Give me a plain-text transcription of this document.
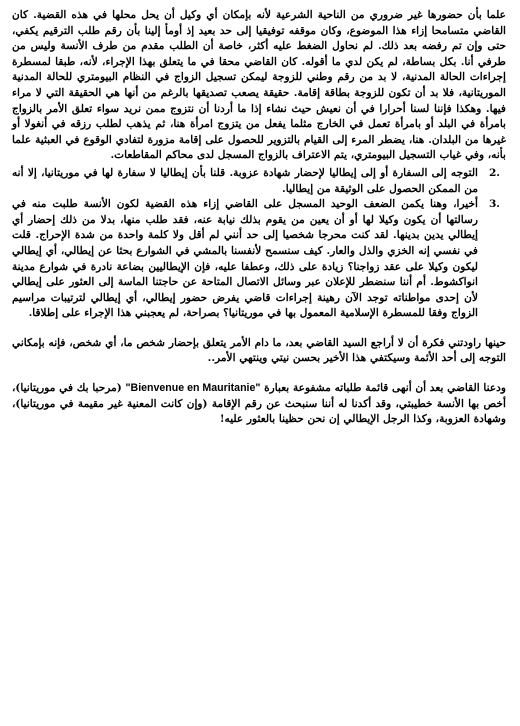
علما بأن حضورها غير ضروري من الناحية الشرعية لأنه بإمكان أي وكيل أن يحل محلها في هذه القضية. كان القاضي متسامحا إزاء هذا الموضوع، وكان موقفه توفيقيا إلى حد بعيد إذ أومأ إلينا بأن رقم طلب الترقيم يكفي، حتى وإن تم رفضه بعد ذلك. لم نحاول الضغط عليه أكثر، خاصة أن الطلب مقدم من طرف الأنسة وليس من طرفي أنا. بكل بساطة، لم يكن لدي ما أقوله. كان القاضي محقا في ما يتعلق بهذا الإجراء، لأنه، طبقا لمسطرة إجراءات الحالة المدنية، لا بد من رقم وطني للزوجة ليمكن تسجيل الزواج في النظام البيومتري للحالة المدنية الموريتانية، فلا بد أن تكون للزوجة بطاقة إقامة. حقيقة يصعب تصديقها بالرغم من أنها هي الحقيقة التي لا مراء فيها. وهكذا فإننا لسنا أحرارا في أن نعيش حيث نشاء إذا ما أردنا أن نتزوج ممن نريد سواء تعلق الأمر بالزواج بامرأة في البلد أو بامرأة تعمل في الخارج مثلما يفعل من يتزوج امرأة هنا، ثم يذهب لطلب رزقه في أنغولا أو غيرها من البلدان. هنا، يضطر المرء إلى القيام بالتزوير للحصول على إقامة مزورة لتفادي الوقوع في العبثية علما بأنه، وفي غياب التسجيل البيومتري، يتم الاعتراف بالزواج المسجل لدى محاكم المقاطعات.

2.
التوجه إلى السفارة أو إلى إيطاليا لإحضار شهادة عزوبة. قلنا بأن إيطاليا لا سفارة لها في موريتانيا، إلا أنه من الممكن الحصول على الوثيقة من إيطاليا.
3.
أخيرا، وهنا يكمن الضعف الوحيد المسجل على القاضي إزاء هذه القضية لكون الأنسة طلبت منه في رسالتها أن يكون وكيلا لها أو أن يعين من يقوم بذلك نيابة عنه، فقد طلب منها، بدلا من ذلك إحضار أي إيطالي يدين بدينها. لقد كنت محرجا شخصيا إلى حد أنني لم أقل ولا كلمة واحدة من شدة الإحراج. قلت في نفسي إنه الخزي والذل والعار. كيف سنسمح لأنفسنا بالمشي في الشوارع بحثا عن إيطالي، أي إيطالي ليكون وكيلا على عقد زواجنا؟ زيادة على ذلك، وعطفا عليه، فإن الإيطاليين بضاعة نادرة في شوارع مدينة انواكشوط. أم أننا سنضطر للإعلان عبر وسائل الاتصال المتاحة عن حاجتنا الماسة إلى العثور على إيطالي لأن إحدى مواطناته توجد الآن رهينة إجراءات قاضي يفرض حضور إيطالي، أي إيطالي لترتيبات مراسيم الزواج وفقا للمسطرة الإسلامية المعمول بها في موريتانيا؟ بصراحة، لم يعجبني هذا الإجراء على إطلاقا.

حينها راودتني فكرة أن لا أراجع السيد القاضي بعد، ما دام الأمر يتعلق بإحضار شخص ما، أي شخص، فإنه بإمكاني التوجه إلى أحد الأئمة وسيكتفي هذا الأخير بحسن نيتي وينتهي الأمر..

ودعنا القاضي بعد أن أنهى قائمة طلباته مشفوعة بعبارة "Bienvenue en Mauritanie" (مرحبا بك في موريتانيا)، أخص بها الأنسة خطيبتي، وقد أكدنا له أننا سنبحث عن رقم الإقامة (وإن كانت المعنية غير مقيمة في موريتانيا)، وشهادة العزوبة، وكذا الرجل الإيطالي إن نحن حظينا بالعثور عليه!
